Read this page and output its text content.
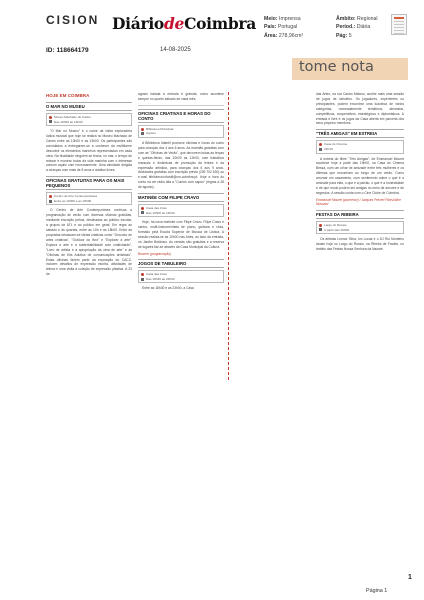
CISION DiáriodeCoimbra
ID: 118664179	14-08-2025
Meio: Imprensa
País: Portugal
Área: 278,96cm²
Âmbito: Regional
Period.: Diária
Pág: 5
tome nota
HOJE EM COIMBRA
O MAR NO MUSEU
Museu Machado de Castro
Das 10h00 às 13h00

"O Mar no Museu" é o nome da visita exploratória lúdica musical que hoje se realiza no Museu Machado de Castro entre as 10h00 e as 13h00. Os participantes são convidados a entregarem-se a conhecer da multiforme descobrir os elementos marinhos representados em cada obra. Na finalidade ninguém se fecha; no mar, o tempo de relaxar e mostrar todos da vida marinha com o interesse comum aquilo com honrosamente. Uma atividade dirigida a crianças com mais de 8 anos e adultos livres.

OFICINAS GRATUITAS PARA OS MAIS PEQUENOS
Centro de Arte Contemporânea
Entre as 10h00 e as 18h00

O Centro de Arte Contemporânea continua a programação de verão com diversas oficinas gratuitas, mediante inscrição prévia, destinadas ao público escolar, a grupos de ATL e ao público em geral. Em regra ao sábado e às quartas, entre as 10h e as 18h00. Entre as propostas destacam-se ideias criativas como "Orocolor de artes criativas", "Outdoor do livro" e "Explorar a arte". Explora a arte e a sustentabilidade com criatividade", "Livro de artista e a apropriação da obra de arte" e as "Oficinas de Kits Adultos de comunicações artísticas". Estas oficinas fazem parte da exposição do CACC, incluem desafios de expressão escrita, atividades de leitura e uma visita à coleção de expressão plástica. A 23 de

agosto balada à entrada é gratuita, como acontece sempre no quarto sábado de cada mês.

OFICINAS CRIATIVAS E HORAS DO CONTO
Biblioteca Municipal
Agosto

A Biblioteca Infantil promove oficinas e horas do conto para crianças dos 4 aos 6 anos. As manhãs gratuitas com com as "Oficinas de Verão", que decorrem todas as terças e quintas-feiras, das 10h00 às 12h00, com trabalhos manuais e dinâmicas de promoção da leitura e da expressão artística, para crianças dos 6 aos 9 anos. Atividades gratuitas com inscrição prévia (239 702 630) ou e-mail biblioteca.infantil@cm-coimbra.pt. Hoje a hora do conto na ver rádio alta a "Contos com sapos" (regras a 28 de agosto).

MATINÉE COM FILIPE CRAVO
Casa das Artes
Das 10h00 às 12h00

Hoje, há nova matinée com Filipe Cravo. Filipe Cravo é cantor, multi-instrumentista de piano, guitarra e viola, formado pela Escola Superior de Música de Lisboa. A sessão realiza-se às 10h00 nas Artes, ao lado da entrada, no Jardim Botânico. As vendas são gratuitas e a reserva de lugares faz-se através da Casa Municipal da Cultura.

Boomer (programação)
JOGOS DE TABULEIRO
Casa das Artes
Das 18h30 às 23h00

Entre as 18h30 e as 23h00, a Casa

das Artes, na rua Castro Matoso, acolhe mais uma sessão de jogos de tabuleiro. Os jogadores, experientes ou principiantes, podem encontrar uma ludoteca de vários categorias, nomeadamente temáticos, abstratos, competitivos, cooperativos, estratégicos e diplomáticos. A entrada é livre e os jogos da Casa aberta em parceria dos seus próprios membros.

"TRÊS AMIGAS" EM ESTREIA
Casa do Cinema
21h30

A estreia do filme "Três Amigas", de Emmanuel Mouret acontece hoje a partir das 19h00, na Casa do Cinema Bessa, com um olhar de amizade entre três mulheres e os dilemas que encontram ao longo de um verão. Como arrumar um casamento, num sentimento sobre o que é a amizade para elas, o que é a paixão, o que é a honestidade e de que modo podem ser amigas no meio de amores e de segredos. A sessão conta com o Cine Clube de Coimbra.

Emmanuel Mouret (pormenor) / Jacques Prévert Films/Aline Mussard
FESTAS DA RIBEIRA
Largo do Rossio
A partir das 20h00

Os artistas Leonor Silva, Ivo Lucas e o DJ Rui Monteiro atuam hoje no Largo do Rossio, na Ribeira de Frades, no âmbito das Festas Nossa Senhora da Nazaré.

1
Página 1
